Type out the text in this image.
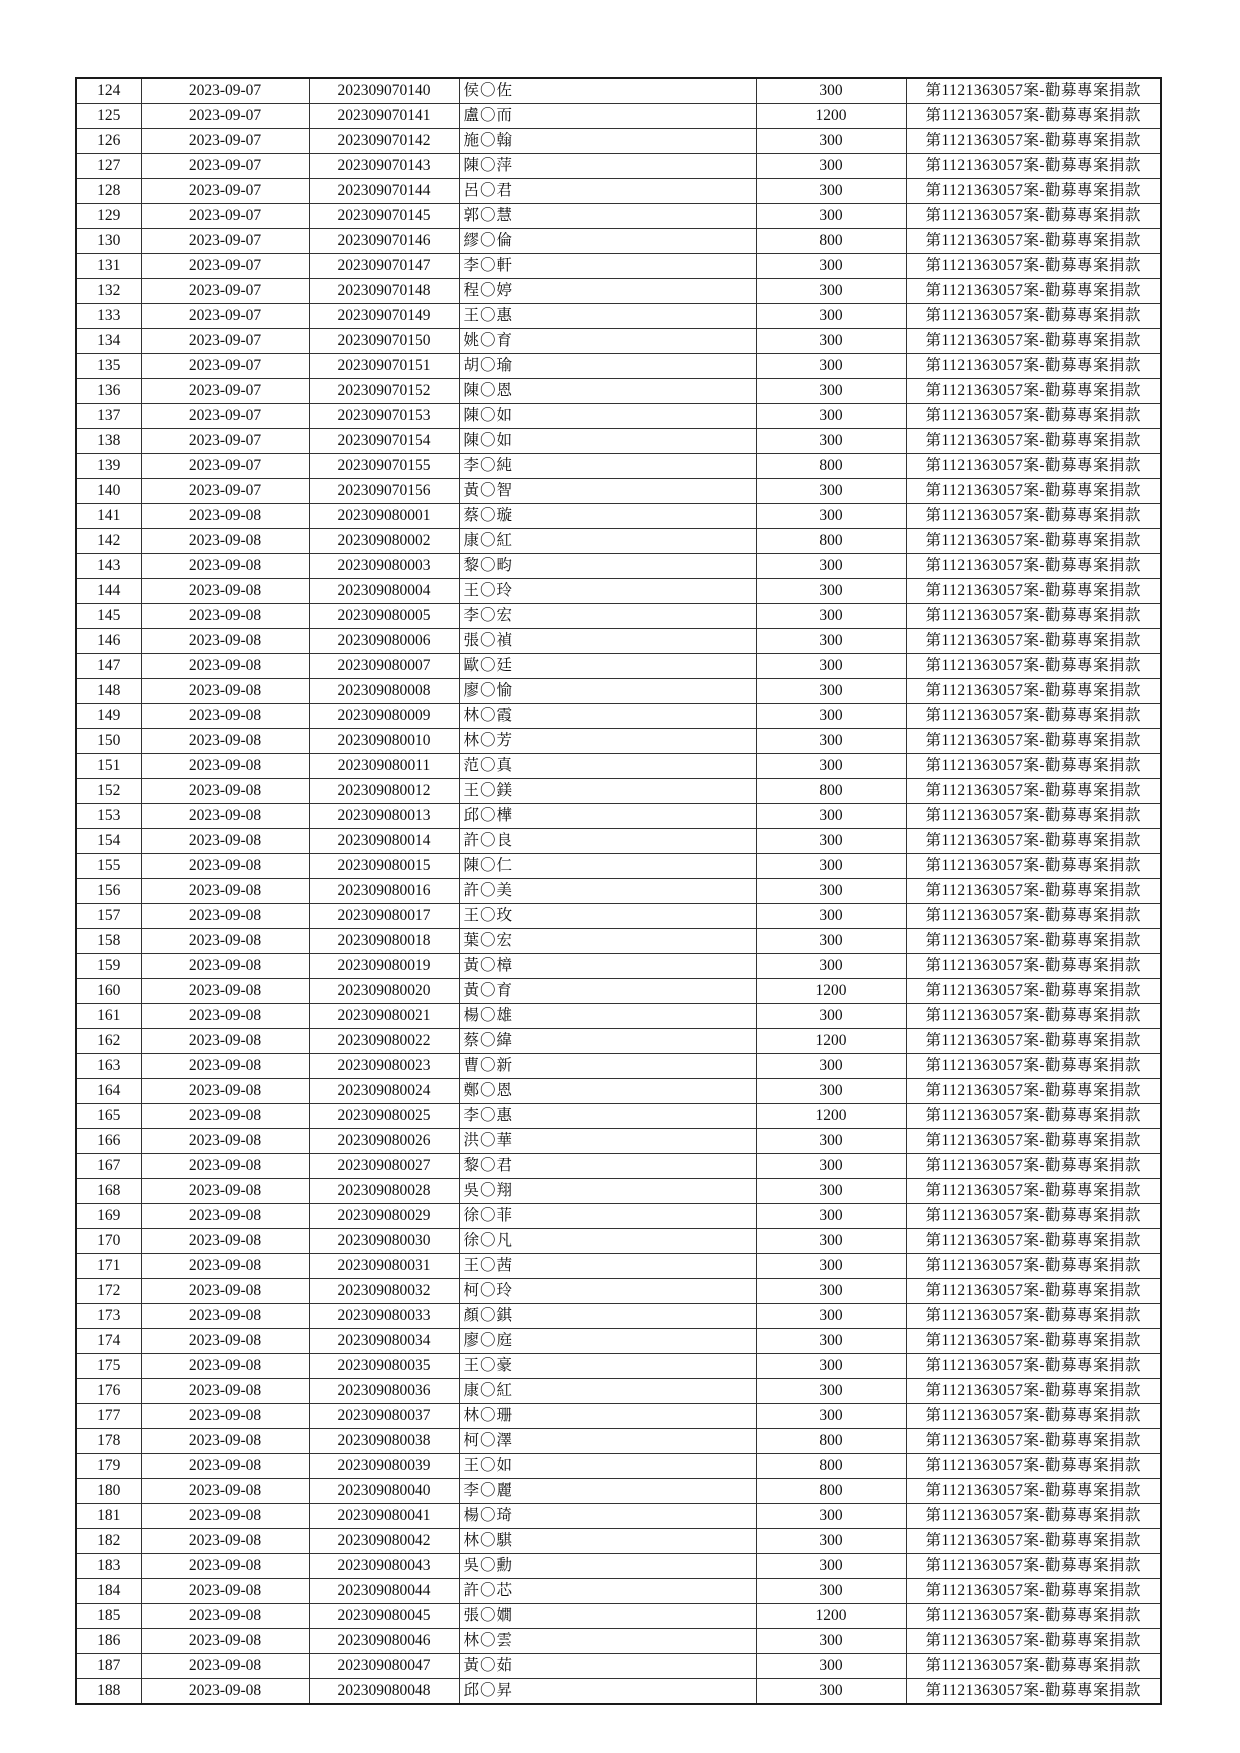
124	2023-09-07	202309070140	侯〇佐	300	第1121363057案-勸募專案捐款
125	2023-09-07	202309070141	盧〇而	1200	第1121363057案-勸募專案捐款
126	2023-09-07	202309070142	施〇翰	300	第1121363057案-勸募專案捐款
127	2023-09-07	202309070143	陳〇萍	300	第1121363057案-勸募專案捐款
128	2023-09-07	202309070144	呂〇君	300	第1121363057案-勸募專案捐款
129	2023-09-07	202309070145	郭〇慧	300	第1121363057案-勸募專案捐款
130	2023-09-07	202309070146	繆〇倫	800	第1121363057案-勸募專案捐款
131	2023-09-07	202309070147	李〇軒	300	第1121363057案-勸募專案捐款
132	2023-09-07	202309070148	程〇婷	300	第1121363057案-勸募專案捐款
133	2023-09-07	202309070149	王〇惠	300	第1121363057案-勸募專案捐款
134	2023-09-07	202309070150	姚〇育	300	第1121363057案-勸募專案捐款
135	2023-09-07	202309070151	胡〇瑜	300	第1121363057案-勸募專案捐款
136	2023-09-07	202309070152	陳〇恩	300	第1121363057案-勸募專案捐款
137	2023-09-07	202309070153	陳〇如	300	第1121363057案-勸募專案捐款
138	2023-09-07	202309070154	陳〇如	300	第1121363057案-勸募專案捐款
139	2023-09-07	202309070155	李〇純	800	第1121363057案-勸募專案捐款
140	2023-09-07	202309070156	黃〇智	300	第1121363057案-勸募專案捐款
141	2023-09-08	202309080001	蔡〇璇	300	第1121363057案-勸募專案捐款
142	2023-09-08	202309080002	康〇紅	800	第1121363057案-勸募專案捐款
143	2023-09-08	202309080003	黎〇畇	300	第1121363057案-勸募專案捐款
144	2023-09-08	202309080004	王〇玲	300	第1121363057案-勸募專案捐款
145	2023-09-08	202309080005	李〇宏	300	第1121363057案-勸募專案捐款
146	2023-09-08	202309080006	張〇禎	300	第1121363057案-勸募專案捐款
147	2023-09-08	202309080007	歐〇廷	300	第1121363057案-勸募專案捐款
148	2023-09-08	202309080008	廖〇愉	300	第1121363057案-勸募專案捐款
149	2023-09-08	202309080009	林〇霞	300	第1121363057案-勸募專案捐款
150	2023-09-08	202309080010	林〇芳	300	第1121363057案-勸募專案捐款
151	2023-09-08	202309080011	范〇真	300	第1121363057案-勸募專案捐款
152	2023-09-08	202309080012	王〇鎂	800	第1121363057案-勸募專案捐款
153	2023-09-08	202309080013	邱〇樺	300	第1121363057案-勸募專案捐款
154	2023-09-08	202309080014	許〇良	300	第1121363057案-勸募專案捐款
155	2023-09-08	202309080015	陳〇仁	300	第1121363057案-勸募專案捐款
156	2023-09-08	202309080016	許〇美	300	第1121363057案-勸募專案捐款
157	2023-09-08	202309080017	王〇玫	300	第1121363057案-勸募專案捐款
158	2023-09-08	202309080018	葉〇宏	300	第1121363057案-勸募專案捐款
159	2023-09-08	202309080019	黃〇樟	300	第1121363057案-勸募專案捐款
160	2023-09-08	202309080020	黃〇育	1200	第1121363057案-勸募專案捐款
161	2023-09-08	202309080021	楊〇雄	300	第1121363057案-勸募專案捐款
162	2023-09-08	202309080022	蔡〇緯	1200	第1121363057案-勸募專案捐款
163	2023-09-08	202309080023	曹〇新	300	第1121363057案-勸募專案捐款
164	2023-09-08	202309080024	鄭〇恩	300	第1121363057案-勸募專案捐款
165	2023-09-08	202309080025	李〇惠	1200	第1121363057案-勸募專案捐款
166	2023-09-08	202309080026	洪〇華	300	第1121363057案-勸募專案捐款
167	2023-09-08	202309080027	黎〇君	300	第1121363057案-勸募專案捐款
168	2023-09-08	202309080028	吳〇翔	300	第1121363057案-勸募專案捐款
169	2023-09-08	202309080029	徐〇菲	300	第1121363057案-勸募專案捐款
170	2023-09-08	202309080030	徐〇凡	300	第1121363057案-勸募專案捐款
171	2023-09-08	202309080031	王〇茜	300	第1121363057案-勸募專案捐款
172	2023-09-08	202309080032	柯〇玲	300	第1121363057案-勸募專案捐款
173	2023-09-08	202309080033	顏〇錤	300	第1121363057案-勸募專案捐款
174	2023-09-08	202309080034	廖〇庭	300	第1121363057案-勸募專案捐款
175	2023-09-08	202309080035	王〇豪	300	第1121363057案-勸募專案捐款
176	2023-09-08	202309080036	康〇紅	300	第1121363057案-勸募專案捐款
177	2023-09-08	202309080037	林〇珊	300	第1121363057案-勸募專案捐款
178	2023-09-08	202309080038	柯〇澤	800	第1121363057案-勸募專案捐款
179	2023-09-08	202309080039	王〇如	800	第1121363057案-勸募專案捐款
180	2023-09-08	202309080040	李〇麗	800	第1121363057案-勸募專案捐款
181	2023-09-08	202309080041	楊〇琦	300	第1121363057案-勸募專案捐款
182	2023-09-08	202309080042	林〇騏	300	第1121363057案-勸募專案捐款
183	2023-09-08	202309080043	吳〇勳	300	第1121363057案-勸募專案捐款
184	2023-09-08	202309080044	許〇芯	300	第1121363057案-勸募專案捐款
185	2023-09-08	202309080045	張〇嫺	1200	第1121363057案-勸募專案捐款
186	2023-09-08	202309080046	林〇雲	300	第1121363057案-勸募專案捐款
187	2023-09-08	202309080047	黃〇茹	300	第1121363057案-勸募專案捐款
188	2023-09-08	202309080048	邱〇昇	300	第1121363057案-勸募專案捐款
